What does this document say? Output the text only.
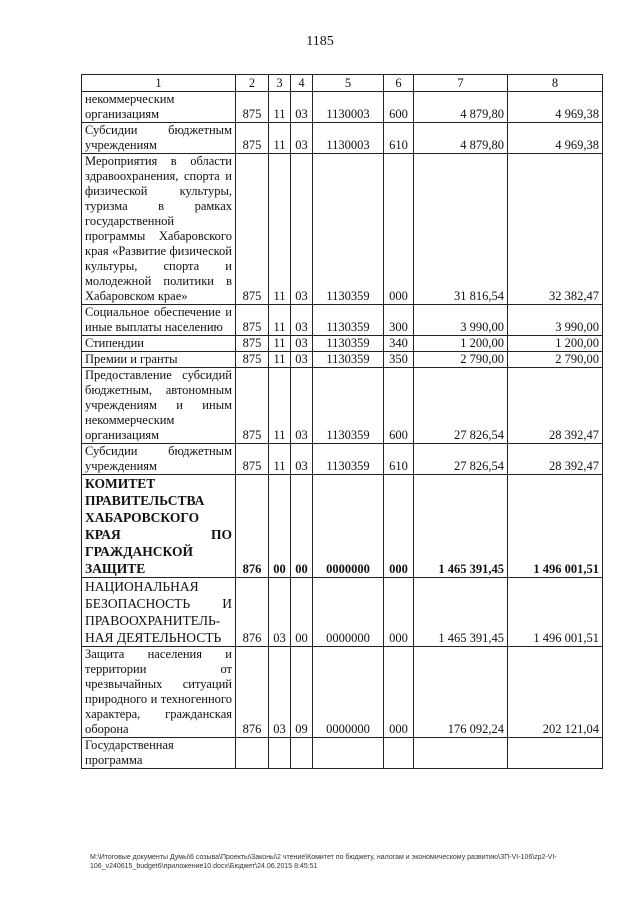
1185
1	2	3	4	5	6	7	8
некоммерческим организациям	875	11	03	1130003	600	4 879,80	4 969,38
Субсидии бюджетным учреждениям	875	11	03	1130003	610	4 879,80	4 969,38
Мероприятия в области здравоохранения, спорта и физической культуры, туризма в рамках государственной программы Хабаровского края «Развитие физической культуры, спорта и молодежной политики в Хабаровском крае»	875	11	03	1130359	000	31 816,54	32 382,47
Социальное обеспечение и иные выплаты населению	875	11	03	1130359	300	3 990,00	3 990,00
Стипендии	875	11	03	1130359	340	1 200,00	1 200,00
Премии и гранты	875	11	03	1130359	350	2 790,00	2 790,00
Предоставление субсидий бюджетным, автономным учреждениям и иным некоммерческим организациям	875	11	03	1130359	600	27 826,54	28 392,47
Субсидии бюджетным учреждениям	875	11	03	1130359	610	27 826,54	28 392,47
КОМИТЕТ ПРАВИТЕЛЬСТВА ХАБАРОВСКОГО КРАЯ ПО ГРАЖДАНСКОЙ ЗАЩИТЕ	876	00	00	0000000	000	1 465 391,45	1 496 001,51
НАЦИОНАЛЬНАЯ БЕЗОПАСНОСТЬ И ПРАВООХРАНИТЕЛЬ-НАЯ ДЕЯТЕЛЬНОСТЬ	876	03	00	0000000	000	1 465 391,45	1 496 001,51
Защита населения и территории от чрезвычайных ситуаций природного и техногенного характера, гражданская оборона	876	03	09	0000000	000	176 092,24	202 121,04
Государственная программа							
M:\Итоговые документы Думы\6 созыва\Проекты\Законы\2 чтение\Комитет по бюджету, налогам и экономическому развитию\ЗП-VI-106\zp2-VI-
106_v240615_budget6\приложение10.docx\Бюджет\24.06.2015 8:45:51
